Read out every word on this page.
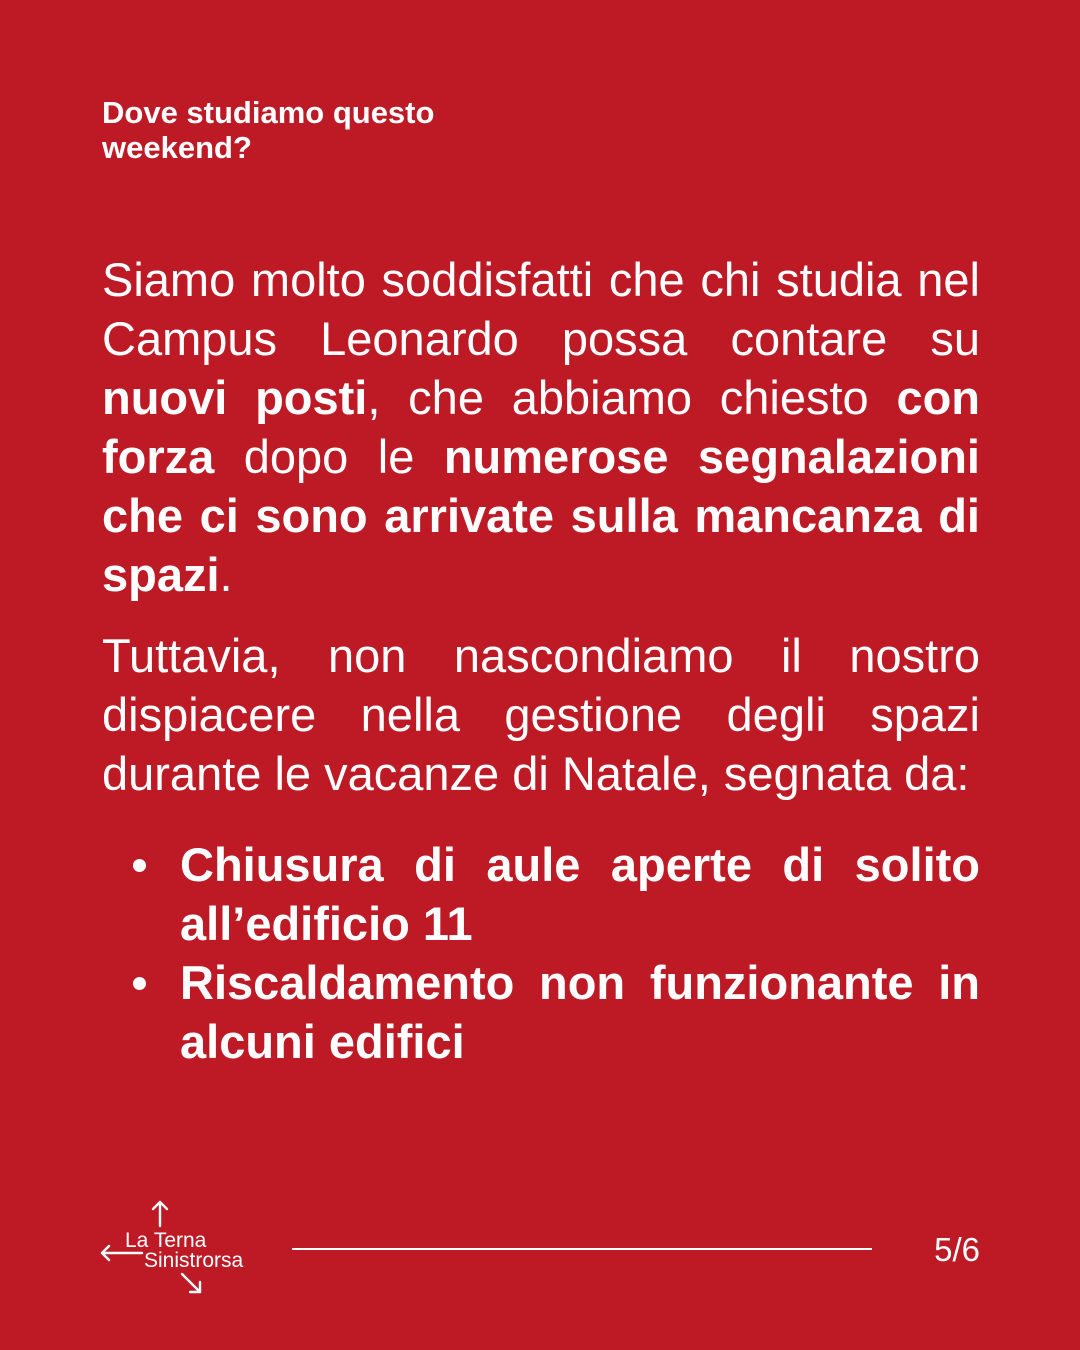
Dove studiamo questo weekend?

Siamo molto soddisfatti che chi studia nel Campus Leonardo possa contare su nuovi posti, che abbiamo chiesto con forza dopo le numerose segnalazioni che ci sono arrivate sulla mancanza di spazi.

Tuttavia, non nascondiamo il nostro dispiacere nella gestione degli spazi durante le vacanze di Natale, segnata da:

Chiusura di aule aperte di solito all’edificio 11
Riscaldamento non funzionante in alcuni edifici
La Terna
Sinistrorsa	5/6
